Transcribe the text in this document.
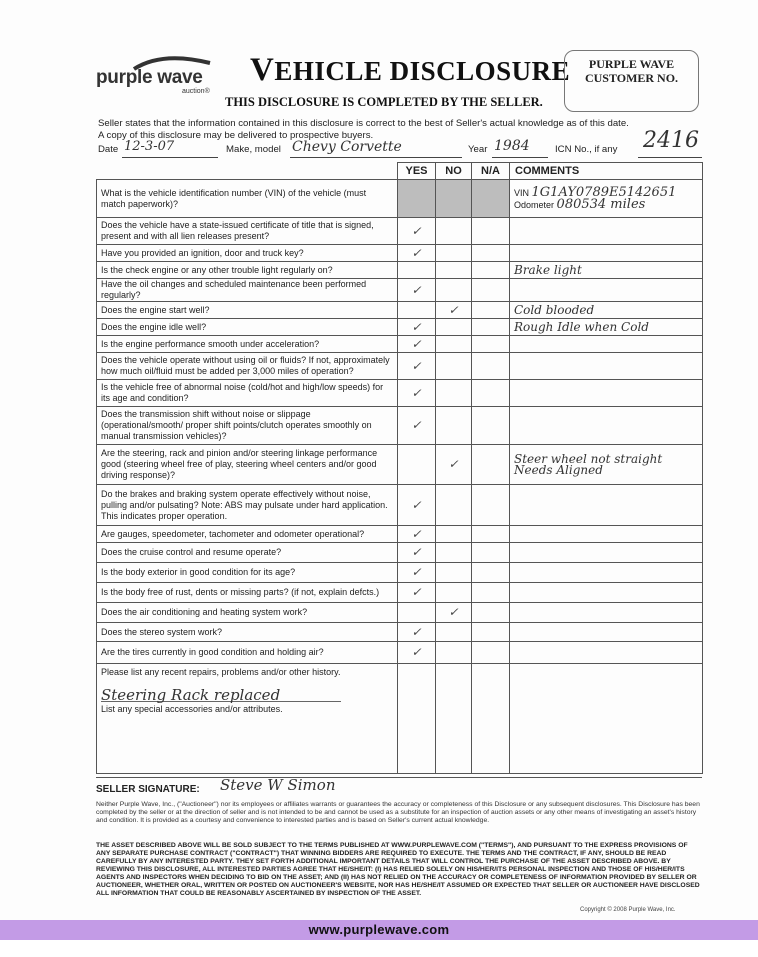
purple wave
auction®
VEHICLE DISCLOSURE
THIS DISCLOSURE IS COMPLETED BY THE SELLER.
PURPLE WAVE
CUSTOMER NO.
Seller states that the information contained in this disclosure is correct to the best of Seller's actual knowledge as of this date.
A copy of this disclosure may be delivered to prospective buyers.
Date 12-3-07	Make, model Chevy Corvette	Year 1984	ICN No., if any 2416
	YES	NO	N/A	COMMENTS
What is the vehicle identification number (VIN) of the vehicle (must match paperwork)?				VIN 1G1AY0789E5142651
Odometer 080534 miles

Does the vehicle have a state-issued certificate of title that is signed, present and with all lien releases present?	✓			
Have you provided an ignition, door and truck key?	✓			
Is the check engine or any other trouble light regularly on?				Brake light
Have the oil changes and scheduled maintenance been performed regularly?	✓			
Does the engine start well?		✓		Cold blooded
Does the engine idle well?	✓			Rough Idle when Cold
Is the engine performance smooth under acceleration?	✓			
Does the vehicle operate without using oil or fluids? If not, approximately how much oil/fluid must be added per 3,000 miles of operation?	✓			
Is the vehicle free of abnormal noise (cold/hot and high/low speeds) for its age and condition?	✓			
Does the transmission shift without noise or slippage (operational/smooth/ proper shift points/clutch operates smoothly on manual transmission vehicles)?	✓			
Are the steering, rack and pinion and/or steering linkage performance good (steering wheel free of play, steering wheel centers and/or good driving response)?		✓		Steer wheel not straight
Needs Aligned

Do the brakes and braking system operate effectively without noise, pulling and/or pulsating? Note: ABS may pulsate under hard application. This indicates proper operation.	✓			
Are gauges, speedometer, tachometer and odometer operational?	✓			
Does the cruise control and resume operate?	✓			
Is the body exterior in good condition for its age?	✓			
Is the body free of rust, dents or missing parts? (if not, explain defcts.)	✓			
Does the air conditioning and heating system work?		✓		
Does the stereo system work?	✓			
Are the tires currently in good condition and holding air?	✓			

Please list any recent repairs, problems and/or other history.
Steering Rack replaced
List any special accessories and/or attributes.				

SELLER SIGNATURE: Steve W Simon
Neither Purple Wave, Inc., ("Auctioneer") nor its employees or affiliates warrants or guarantees the accuracy or completeness of this Disclosure or any subsequent disclosures. This Disclosure has been completed by the seller or at the direction of seller and is not intended to be and cannot be used as a substitute for an inspection of auction assets or any other means of investigating an asset's history and condition. It is provided as a courtesy and convenience to interested parties and is based on Seller's current actual knowledge.
THE ASSET DESCRIBED ABOVE WILL BE SOLD SUBJECT TO THE TERMS PUBLISHED AT WWW.PURPLEWAVE.COM ("TERMS"), AND PURSUANT TO THE EXPRESS PROVISIONS OF ANY SEPARATE PURCHASE CONTRACT ("CONTRACT") THAT WINNING BIDDERS ARE REQUIRED TO EXECUTE. THE TERMS AND THE CONTRACT, IF ANY, SHOULD BE READ CAREFULLY BY ANY INTERESTED PARTY. THEY SET FORTH ADDITIONAL IMPORTANT DETAILS THAT WILL CONTROL THE PURCHASE OF THE ASSET DESCRIBED ABOVE. BY REVIEWING THIS DISCLOSURE, ALL INTERESTED PARTIES AGREE THAT HE/SHE/IT: (I) HAS RELIED SOLELY ON HIS/HER/ITS PERSONAL INSPECTION AND THOSE OF HIS/HER/ITS AGENTS AND INSPECTORS WHEN DECIDING TO BID ON THE ASSET; AND (II) HAS NOT RELIED ON THE ACCURACY OR COMPLETENESS OF INFORMATION PROVIDED BY SELLER OR AUCTIONEER, WHETHER ORAL, WRITTEN OR POSTED ON AUCTIONEER'S WEBSITE, NOR HAS HE/SHE/IT ASSUMED OR EXPECTED THAT SELLER OR AUCTIONEER HAVE DISCLOSED ALL INFORMATION THAT COULD BE REASONABLY ASCERTAINED BY INSPECTION OF THE ASSET.
Copyright © 2008 Purple Wave, Inc.
www.purplewave.com
